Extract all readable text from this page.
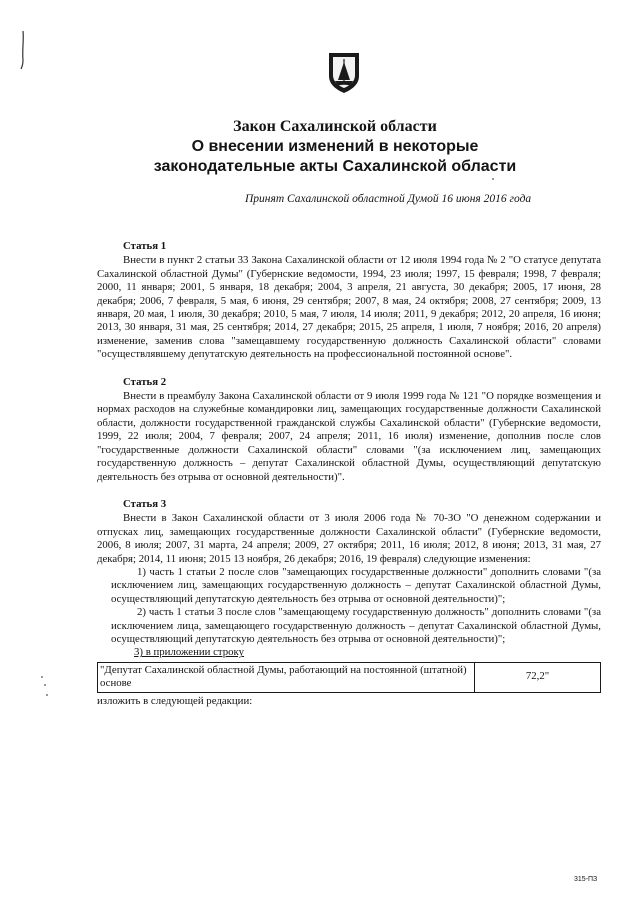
Закон Сахалинской области
О внесении изменений в некоторые
законодательные акты Сахалинской области
Принят Сахалинской областной Думой 16 июня 2016 года
Статья 1

Внести в пункт 2 статьи 33 Закона Сахалинской области от 12 июля 1994 года № 2 "О статусе депутата Сахалинской областной Думы" (Губернские ведомости, 1994, 23 июля; 1997, 15 февраля; 1998, 7 февраля; 2000, 11 января; 2001, 5 января, 18 декабря; 2004, 3 апреля, 21 августа, 30 декабря; 2005, 17 июня, 28 декабря; 2006, 7 февраля, 5 мая, 6 июня, 29 сентября; 2007, 8 мая, 24 октября; 2008, 27 сентября; 2009, 13 января, 20 мая, 1 июля, 30 декабря; 2010, 5 мая, 7 июля, 14 июля; 2011, 9 декабря; 2012, 20 апреля, 16 июня; 2013, 30 января, 31 мая, 25 сентября; 2014, 27 декабря; 2015, 25 апреля, 1 июля, 7 ноября; 2016, 20 апреля) изменение, заменив слова "замещавшему государственную должность Сахалинской области" словами "осуществлявшему депутатскую деятельность на профессиональной постоянной основе".

Статья 2

Внести в преамбулу Закона Сахалинской области от 9 июля 1999 года № 121 "О порядке возмещения и нормах расходов на служебные командировки лиц, замещающих государственные должности Сахалинской области, должности государственной гражданской службы Сахалинской области" (Губернские ведомости, 1999, 22 июля; 2004, 7 февраля; 2007, 24 апреля; 2011, 16 июля) изменение, дополнив после слов "государственные должности Сахалинской области" словами "(за исключением лиц, замещающих государственную должность – депутат Сахалинской областной Думы, осуществляющий депутатскую деятельность без отрыва от основной деятельности)".

Статья 3

Внести в Закон Сахалинской области от 3 июля 2006 года № 70-ЗО "О денежном содержании и отпусках лиц, замещающих государственные должности Сахалинской области" (Губернские ведомости, 2006, 8 июля; 2007, 31 марта, 24 апреля; 2009, 27 октября; 2011, 16 июля; 2012, 8 июня; 2013, 31 мая, 27 декабря; 2014, 11 июня; 2015 13 ноября, 26 декабря; 2016, 19 февраля) следующие изменения:

1) часть 1 статьи 2 после слов "замещающих государственные должности" дополнить словами "(за исключением лиц, замещающих государственную должность – депутат Сахалинской областной Думы, осуществляющий депутатскую деятельность без отрыва от основной деятельности)";

2) часть 1 статьи 3 после слов "замещающему государственную должность" дополнить словами "(за исключением лица, замещающего государственную должность – депутат Сахалинской областной Думы, осуществляющий депутатскую деятельность без отрыва от основной деятельности)";

3) в приложении строку
"Депутат Сахалинской областной Думы, работающий на постоянной (штатной) основе	72,2"
изложить в следующей редакции:
315-ПЗ
